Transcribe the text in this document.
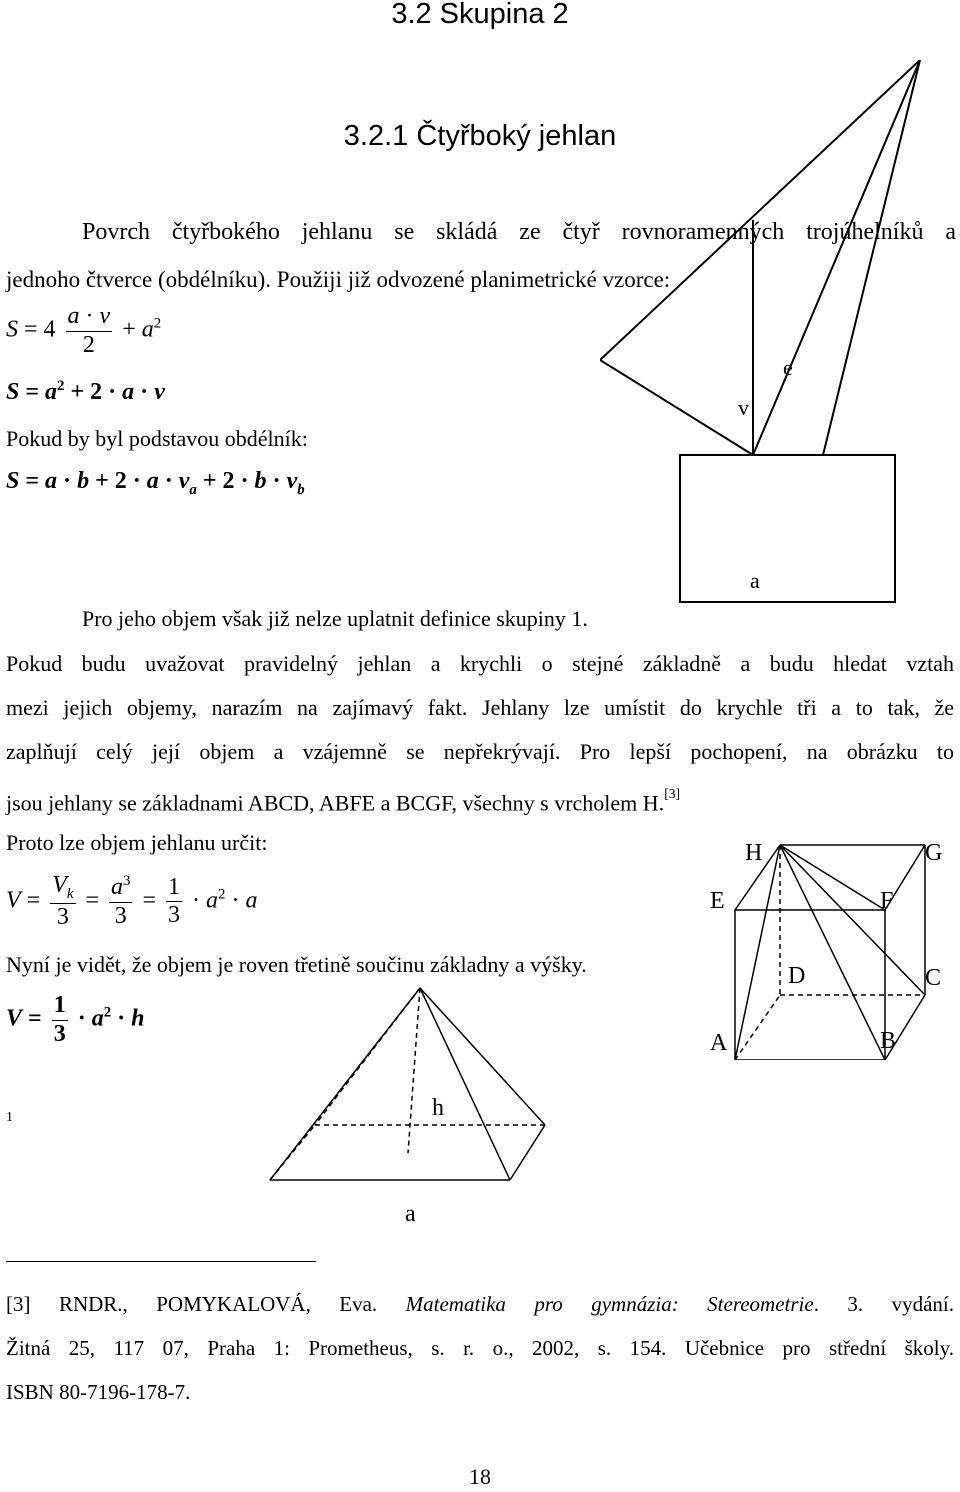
3.2 Skupina 2
3.2.1 Čtyřboký jehlan
Povrch čtyřbokého jehlanu se skládá ze čtyř rovnoramenných trojúhelníků a
jednoho čtverce (obdélníku). Použiji již odvozené planimetrické vzorce:
$S = 4 \frac{a \cdot v}{2} + a^2$
$S = a^2 + 2 \cdot a \cdot v$
Pokud by byl podstavou obdélník:
$S = a \cdot b + 2 \cdot a \cdot v_a + 2 \cdot b \cdot v_b$
v
e
a
Pro jeho objem však již nelze uplatnit definice skupiny 1.
Pokud budu uvažovat pravidelný jehlan a krychli o stejné základně a budu hledat vztah
mezi jejich objemy, narazím na zajímavý fakt. Jehlany lze umístit do krychle tři a to tak, že
zaplňují celý její objem a vzájemně se nepřekrývají. Pro lepší pochopení, na obrázku to
jsou jehlany se základnami ABCD, ABFE a BCGF, všechny s vrcholem H.[3]
Proto lze objem jehlanu určit:
$V = \frac{V_k}{3} = \frac{a^3}{3} = \frac{1}{3} \cdot a^2 \cdot a$
H	G
E	F
D	C
A	B
Nyní je vidět, že objem je roven třetině součinu základny a výšky.
$V = \frac{1}{3} \cdot a^2 \cdot h$
h
a
1
[3] RNDR., POMYKALOVÁ, Eva. Matematika pro gymnázia: Stereometrie. 3. vydání.
Žitná 25, 117 07, Praha 1: Prometheus, s. r. o., 2002, s. 154. Učebnice pro střední školy.
ISBN 80-7196-178-7.
18
